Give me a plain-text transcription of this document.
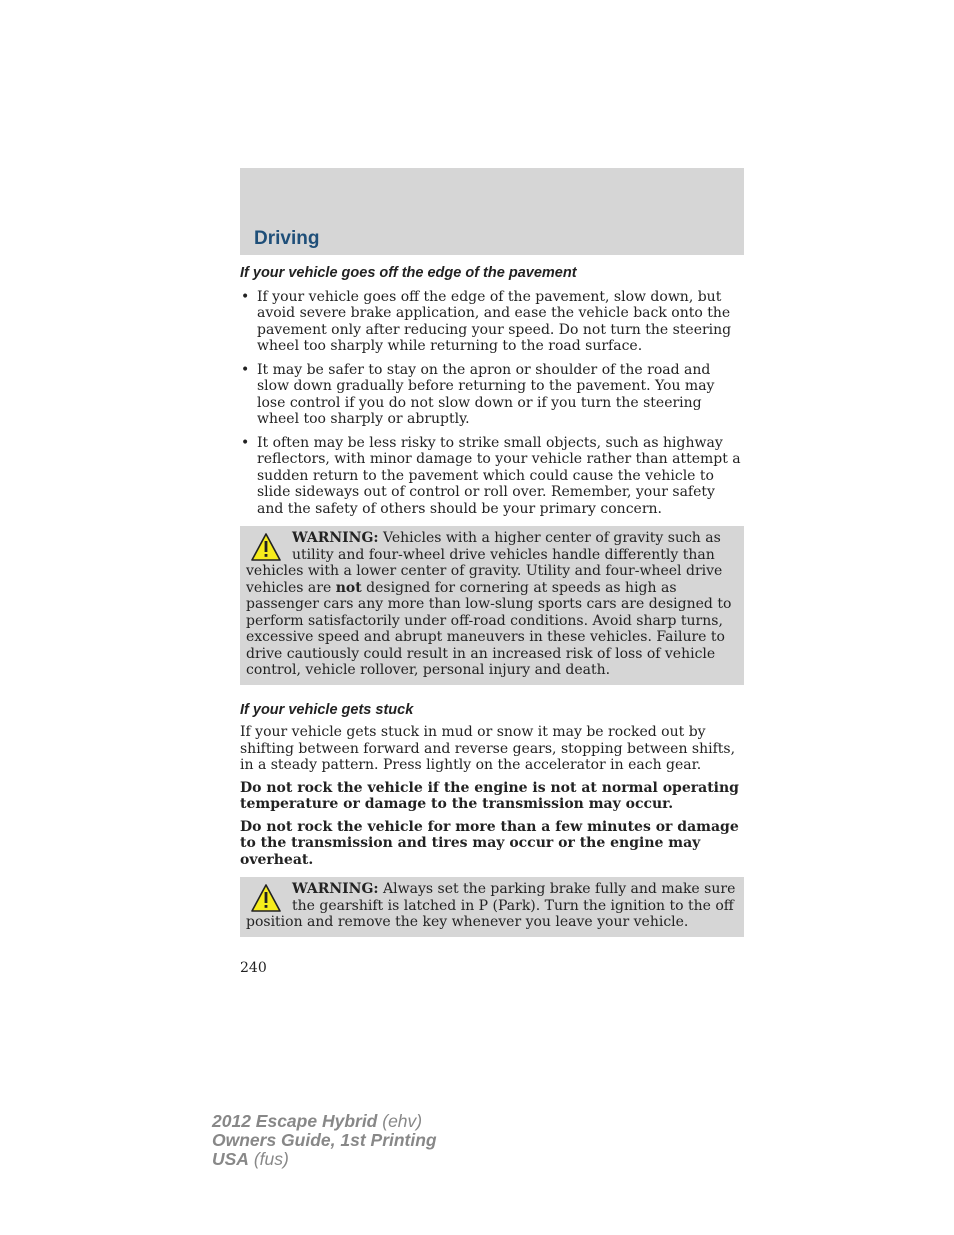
Driving
If your vehicle goes off the edge of the pavement
• If your vehicle goes off the edge of the pavement, slow down, but avoid severe brake application, and ease the vehicle back onto the pavement only after reducing your speed. Do not turn the steering wheel too sharply while returning to the road surface.
• It may be safer to stay on the apron or shoulder of the road and slow down gradually before returning to the pavement. You may lose control if you do not slow down or if you turn the steering wheel too sharply or abruptly.
• It often may be less risky to strike small objects, such as highway reflectors, with minor damage to your vehicle rather than attempt a sudden return to the pavement which could cause the vehicle to slide sideways out of control or roll over. Remember, your safety and the safety of others should be your primary concern.

WARNING: Vehicles with a higher center of gravity such as utility and four-wheel drive vehicles handle differently than vehicles with a lower center of gravity. Utility and four-wheel drive vehicles are not designed for cornering at speeds as high as passenger cars any more than low-slung sports cars are designed to perform satisfactorily under off-road conditions. Avoid sharp turns, excessive speed and abrupt maneuvers in these vehicles. Failure to drive cautiously could result in an increased risk of loss of vehicle control, vehicle rollover, personal injury and death.

If your vehicle gets stuck

If your vehicle gets stuck in mud or snow it may be rocked out by shifting between forward and reverse gears, stopping between shifts, in a steady pattern. Press lightly on the accelerator in each gear.

Do not rock the vehicle if the engine is not at normal operating temperature or damage to the transmission may occur.

Do not rock the vehicle for more than a few minutes or damage to the transmission and tires may occur or the engine may overheat.

WARNING: Always set the parking brake fully and make sure the gearshift is latched in P (Park). Turn the ignition to the off position and remove the key whenever you leave your vehicle.

240
2012 Escape Hybrid (ehv)
Owners Guide, 1st Printing
USA (fus)
